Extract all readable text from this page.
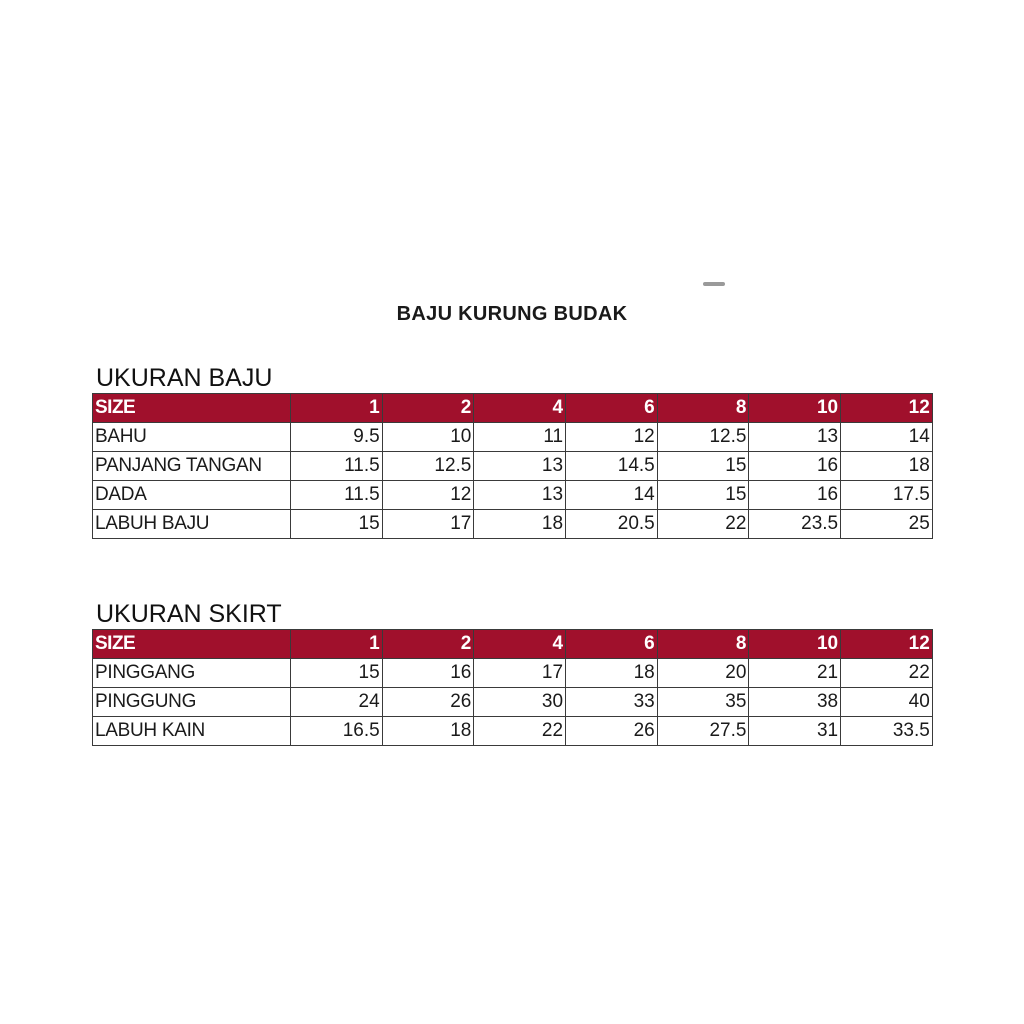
BAJU KURUNG BUDAK
UKURAN BAJU
SIZE	1	2	4	6	8	10	12
BAHU	9.5	10	11	12	12.5	13	14
PANJANG TANGAN	11.5	12.5	13	14.5	15	16	18
DADA	11.5	12	13	14	15	16	17.5
LABUH BAJU	15	17	18	20.5	22	23.5	25
UKURAN SKIRT
SIZE	1	2	4	6	8	10	12
PINGGANG	15	16	17	18	20	21	22
PINGGUNG	24	26	30	33	35	38	40
LABUH KAIN	16.5	18	22	26	27.5	31	33.5
